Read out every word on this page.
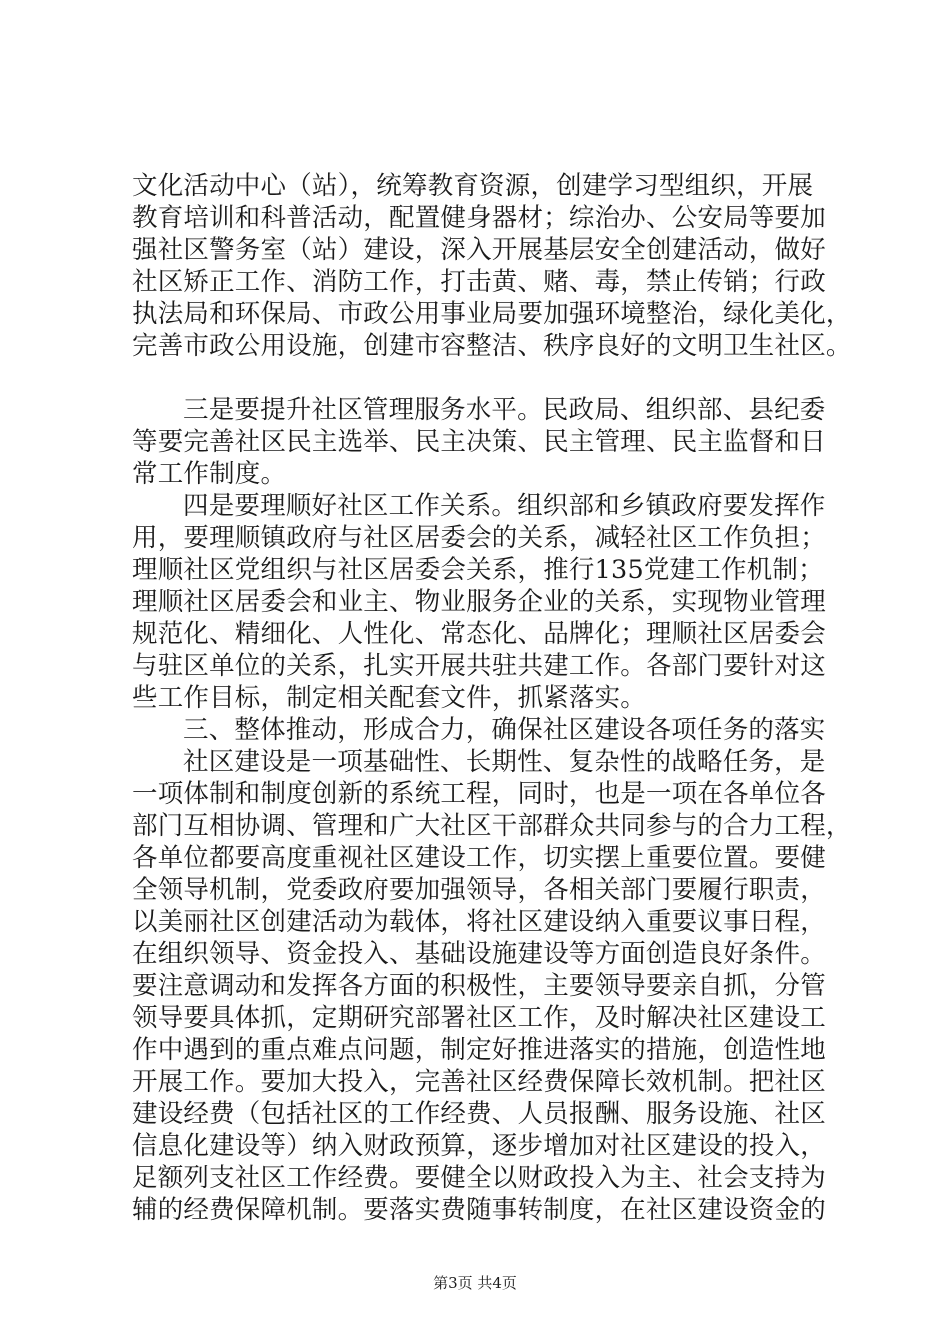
文化活动中心（站），统筹教育资源，创建学习型组织，开展
教育培训和科普活动，配置健身器材；综治办、公安局等要加
强社区警务室（站）建设，深入开展基层安全创建活动，做好
社区矫正工作、消防工作，打击黄、赌、毒，禁止传销；行政
执法局和环保局、市政公用事业局要加强环境整治，绿化美化，
完善市政公用设施，创建市容整洁、秩序良好的文明卫生社区。
三是要提升社区管理服务水平。民政局、组织部、县纪委
等要完善社区民主选举、民主决策、民主管理、民主监督和日
常工作制度。
四是要理顺好社区工作关系。组织部和乡镇政府要发挥作
用，要理顺镇政府与社区居委会的关系，减轻社区工作负担；
理顺社区党组织与社区居委会关系，推行135党建工作机制；
理顺社区居委会和业主、物业服务企业的关系，实现物业管理
规范化、精细化、人性化、常态化、品牌化；理顺社区居委会
与驻区单位的关系，扎实开展共驻共建工作。各部门要针对这
些工作目标，制定相关配套文件，抓紧落实。
三、整体推动，形成合力，确保社区建设各项任务的落实
社区建设是一项基础性、长期性、复杂性的战略任务，是
一项体制和制度创新的系统工程，同时，也是一项在各单位各
部门互相协调、管理和广大社区干部群众共同参与的合力工程，
各单位都要高度重视社区建设工作，切实摆上重要位置。要健
全领导机制，党委政府要加强领导，各相关部门要履行职责，
以美丽社区创建活动为载体，将社区建设纳入重要议事日程，
在组织领导、资金投入、基础设施建设等方面创造良好条件。
要注意调动和发挥各方面的积极性，主要领导要亲自抓，分管
领导要具体抓，定期研究部署社区工作，及时解决社区建设工
作中遇到的重点难点问题，制定好推进落实的措施，创造性地
开展工作。要加大投入，完善社区经费保障长效机制。把社区
建设经费（包括社区的工作经费、人员报酬、服务设施、社区
信息化建设等）纳入财政预算，逐步增加对社区建设的投入，
足额列支社区工作经费。要健全以财政投入为主、社会支持为
辅的经费保障机制。要落实费随事转制度，在社区建设资金的
第3页 共4页
